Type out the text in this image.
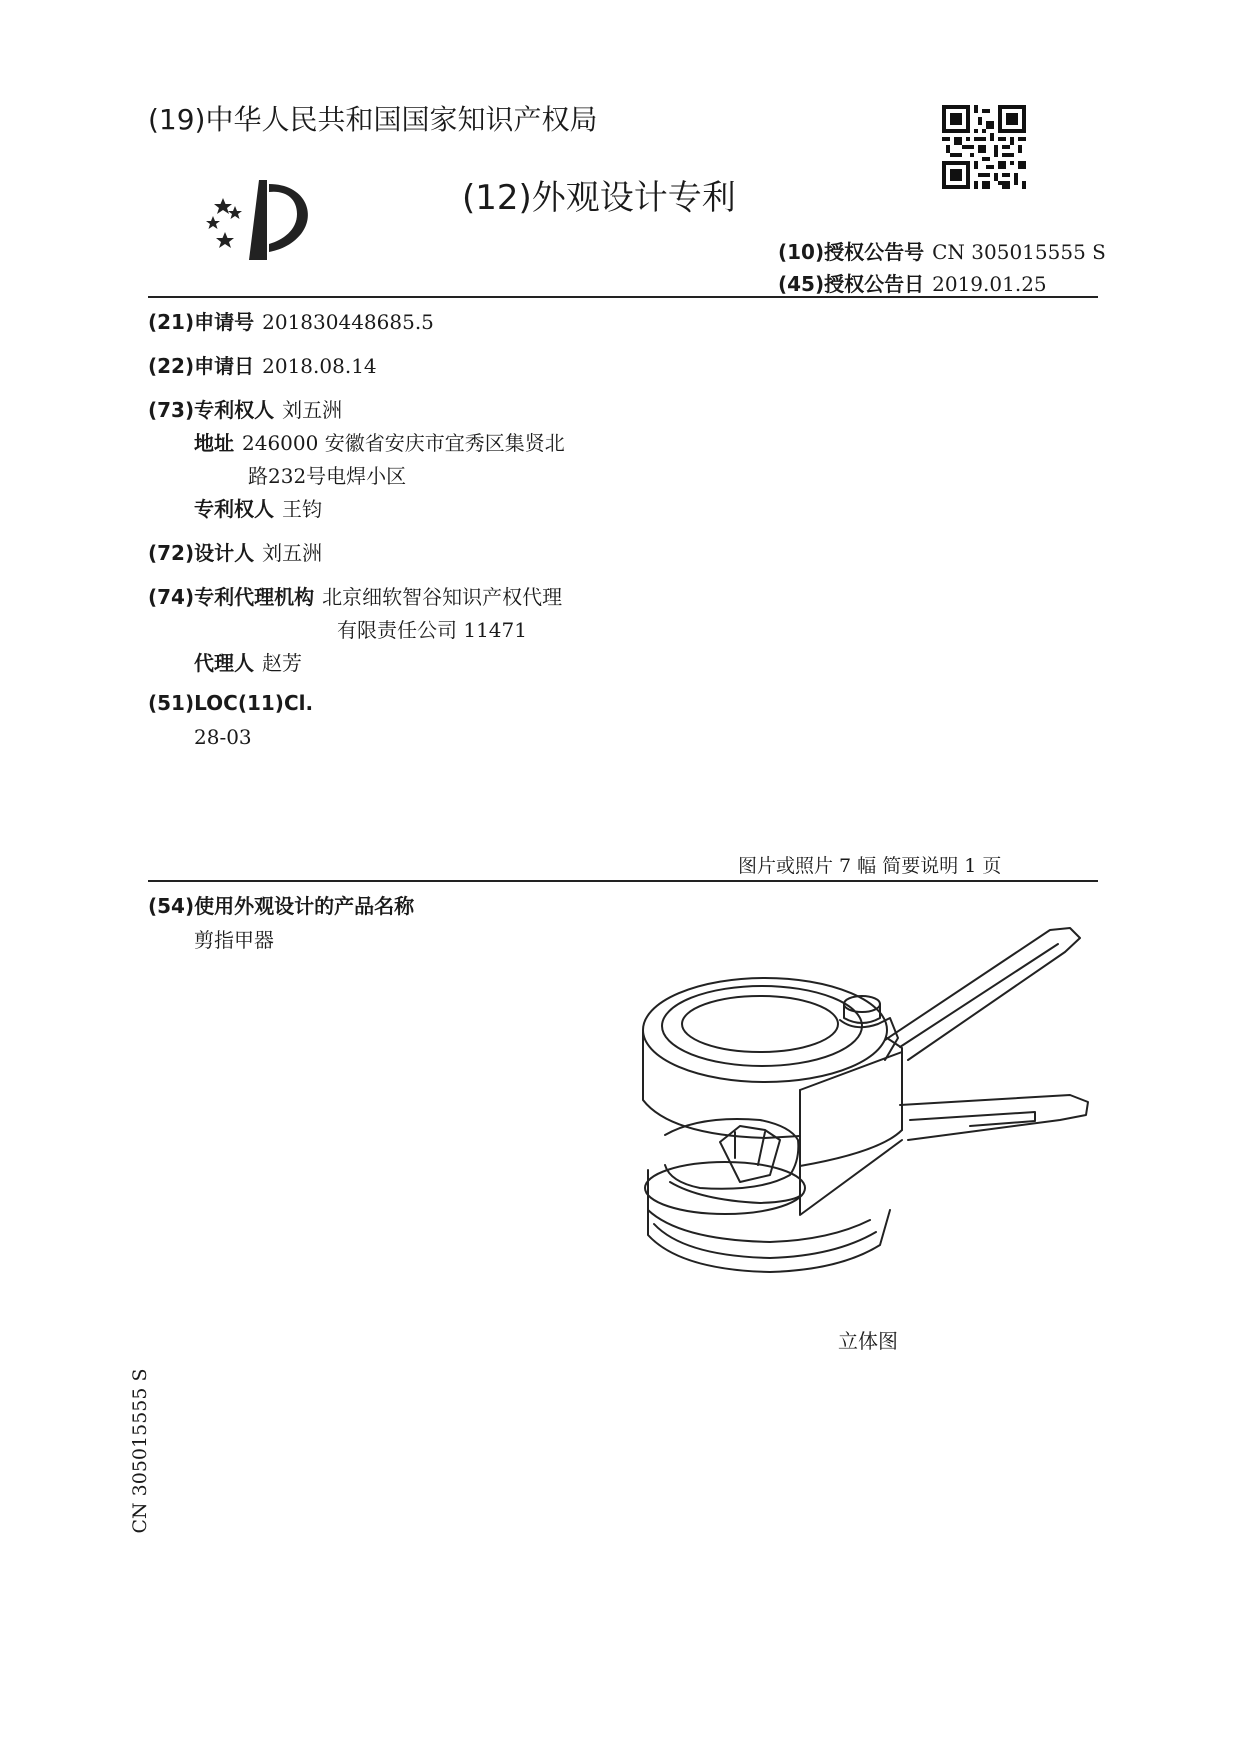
(19)中华人民共和国国家知识产权局
(12)外观设计专利
(10)授权公告号 CN 305015555 S
(45)授权公告日 2019.01.25
(21)申请号 201830448685.5
(22)申请日 2018.08.14
(73)专利权人 刘五洲
地址 246000 安徽省安庆市宜秀区集贤北
路232号电焊小区
专利权人 王钧
(72)设计人 刘五洲
(74)专利代理机构 北京细软智谷知识产权代理
有限责任公司 11471
代理人 赵芳
(51)LOC(11)Cl.
28-03
图片或照片 7 幅 简要说明 1 页
(54)使用外观设计的产品名称
剪指甲器
立体图
CN 305015555 S
